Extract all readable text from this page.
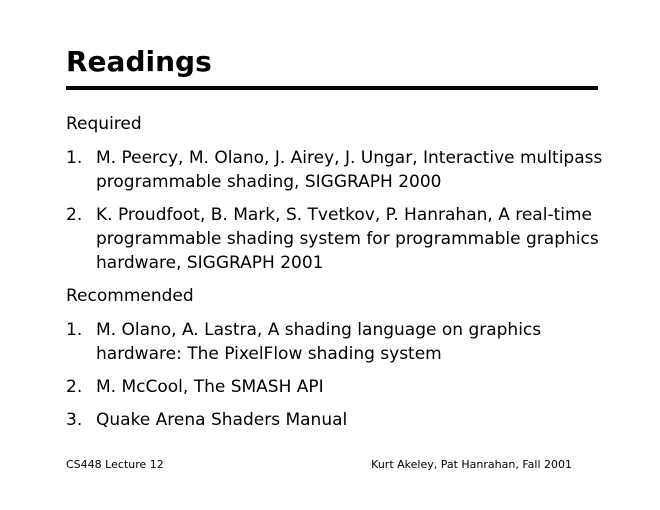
Readings
Required
1. M. Peercy, M. Olano, J. Airey, J. Ungar, Interactive multipass programmable shading, SIGGRAPH 2000
2. K. Proudfoot, B. Mark, S. Tvetkov, P. Hanrahan, A real-time programmable shading system for programmable graphics hardware, SIGGRAPH 2001
Recommended
1. M. Olano, A. Lastra, A shading language on graphics hardware: The PixelFlow shading system
2. M. McCool, The SMASH API
3. Quake Arena Shaders Manual
CS448 Lecture 12	Kurt Akeley, Pat Hanrahan, Fall 2001
